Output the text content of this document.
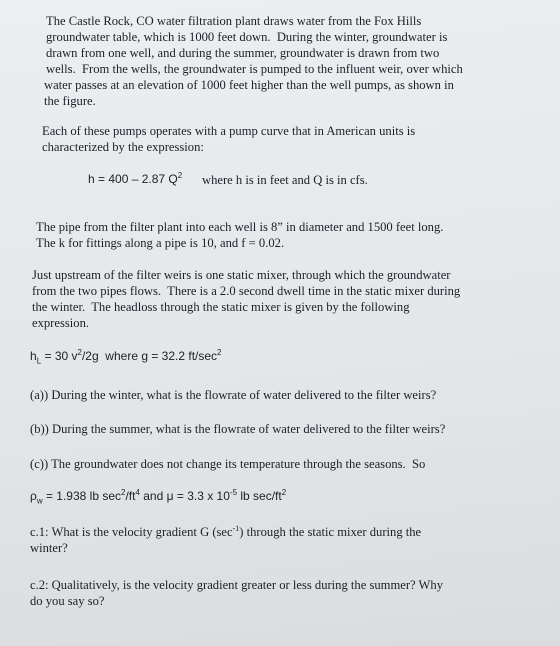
The Castle Rock, CO water filtration plant draws water from the Fox Hills
groundwater table, which is 1000 feet down.  During the winter, groundwater is
drawn from one well, and during the summer, groundwater is drawn from two
wells.  From the wells, the groundwater is pumped to the influent weir, over which
water passes at an elevation of 1000 feet higher than the well pumps, as shown in
the figure.
Each of these pumps operates with a pump curve that in American units is
characterized by the expression:
h = 400 – 2.87 $Q^2$ where h is in feet and Q is in cfs.
The pipe from the filter plant into each well is 8” in diameter and 1500 feet long.
The k for fittings along a pipe is 10, and f = 0.02.
Just upstream of the filter weirs is one static mixer, through which the groundwater
from the two pipes flows.  There is a 2.0 second dwell time in the static mixer during
the winter.  The headloss through the static mixer is given by the following
expression.
$h_L = 30$ $v^2/2g$  where g = 32.2 $ft/\sec^2$
(a)) During the winter, what is the flowrate of water delivered to the filter weirs?
(b)) During the summer, what is the flowrate of water delivered to the filter weirs?
(c)) The groundwater does not change its temperature through the seasons.  So
$\rho_w = 1.938$ lb $\sec^2/ft^4$ and μ = 3.3 x $10^{-5}$ lb $\sec/ft^2$
c.1: What is the velocity gradient G $(\sec^{-1})$ through the static mixer during the
winter?
c.2: Qualitatively, is the velocity gradient greater or less during the summer? Why
do you say so?
